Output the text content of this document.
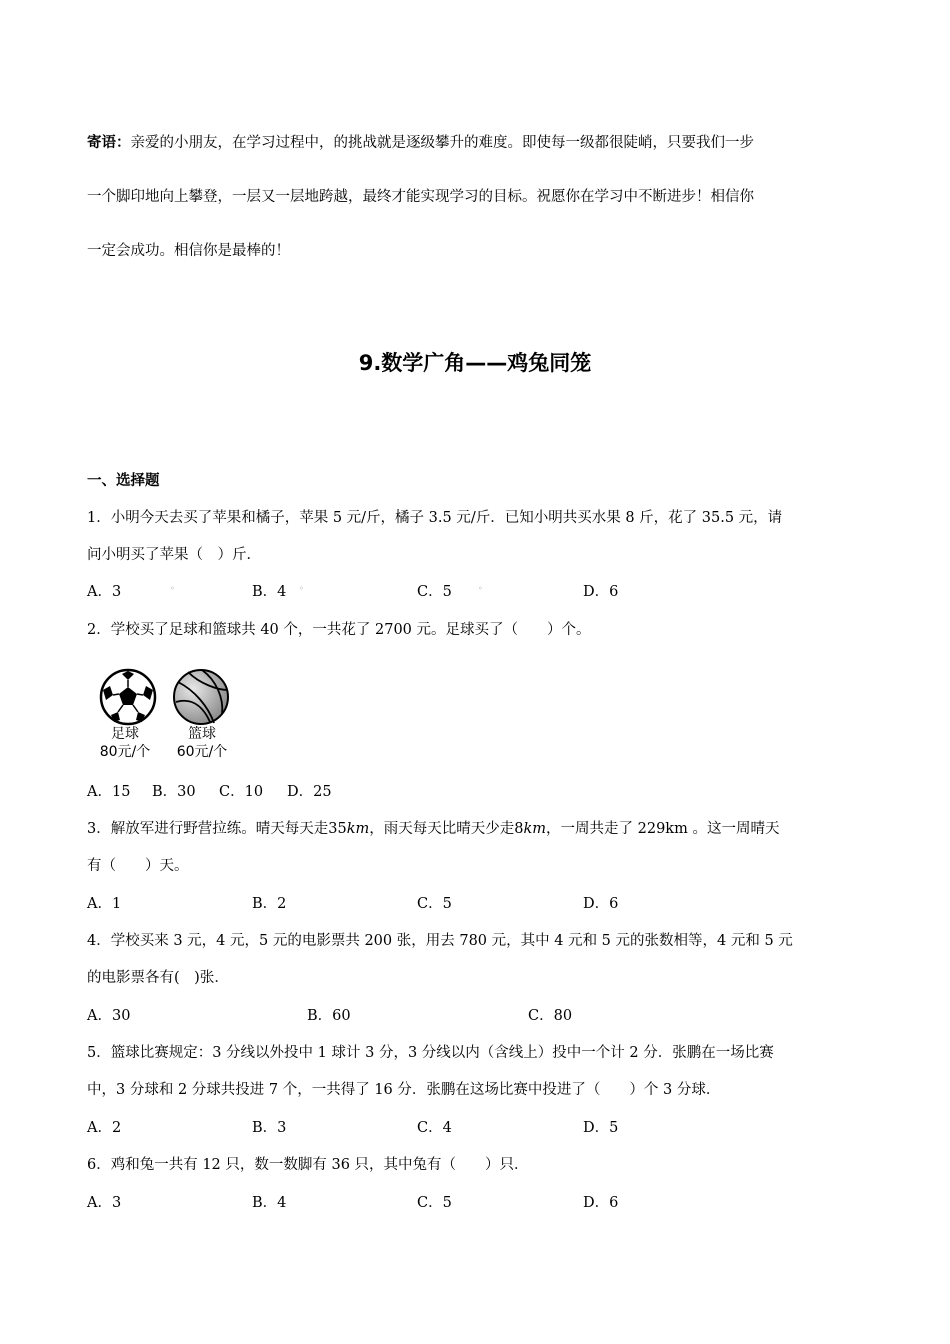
寄语：亲爱的小朋友，在学习过程中，的挑战就是逐级攀升的难度。即使每一级都很陡峭，只要我们一步
一个脚印地向上攀登，一层又一层地跨越，最终才能实现学习的目标。祝愿你在学习中不断进步！相信你
一定会成功。相信你是最棒的！
9.数学广角——鸡兔同笼
一、选择题
1．小明今天去买了苹果和橘子，苹果 5 元/斤，橘子 3.5 元/斤．已知小明共买水果 8 斤，花了 35.5 元，请
问小明买了苹果（　）斤．
A．3	◦	B．4 ◦	C．5	◦	D．6
2．学校买了足球和篮球共 40 个，一共花了 2700 元。足球买了（　　）个。
足球
80元/个
篮球
60元/个
A．15 B．30 C．10 D．25
3．解放军进行野营拉练。晴天每天走35km，雨天每天比晴天少走8km，一周共走了 229km 。这一周晴天
有（　　）天。
A．1	B．2	C．5	D．6
4．学校买来 3 元，4 元，5 元的电影票共 200 张，用去 780 元，其中 4 元和 5 元的张数相等，4 元和 5 元
的电影票各有(　)张．
A．30	B．60	C．80
5．篮球比赛规定：3 分线以外投中 1 球计 3 分，3 分线以内（含线上）投中一个计 2 分．张鹏在一场比赛
中，3 分球和 2 分球共投进 7 个，一共得了 16 分．张鹏在这场比赛中投进了（　　）个 3 分球．
A．2	B．3	C．4	D．5
6．鸡和兔一共有 12 只，数一数脚有 36 只，其中兔有（　　）只．
A．3	B．4	C．5	D．6
